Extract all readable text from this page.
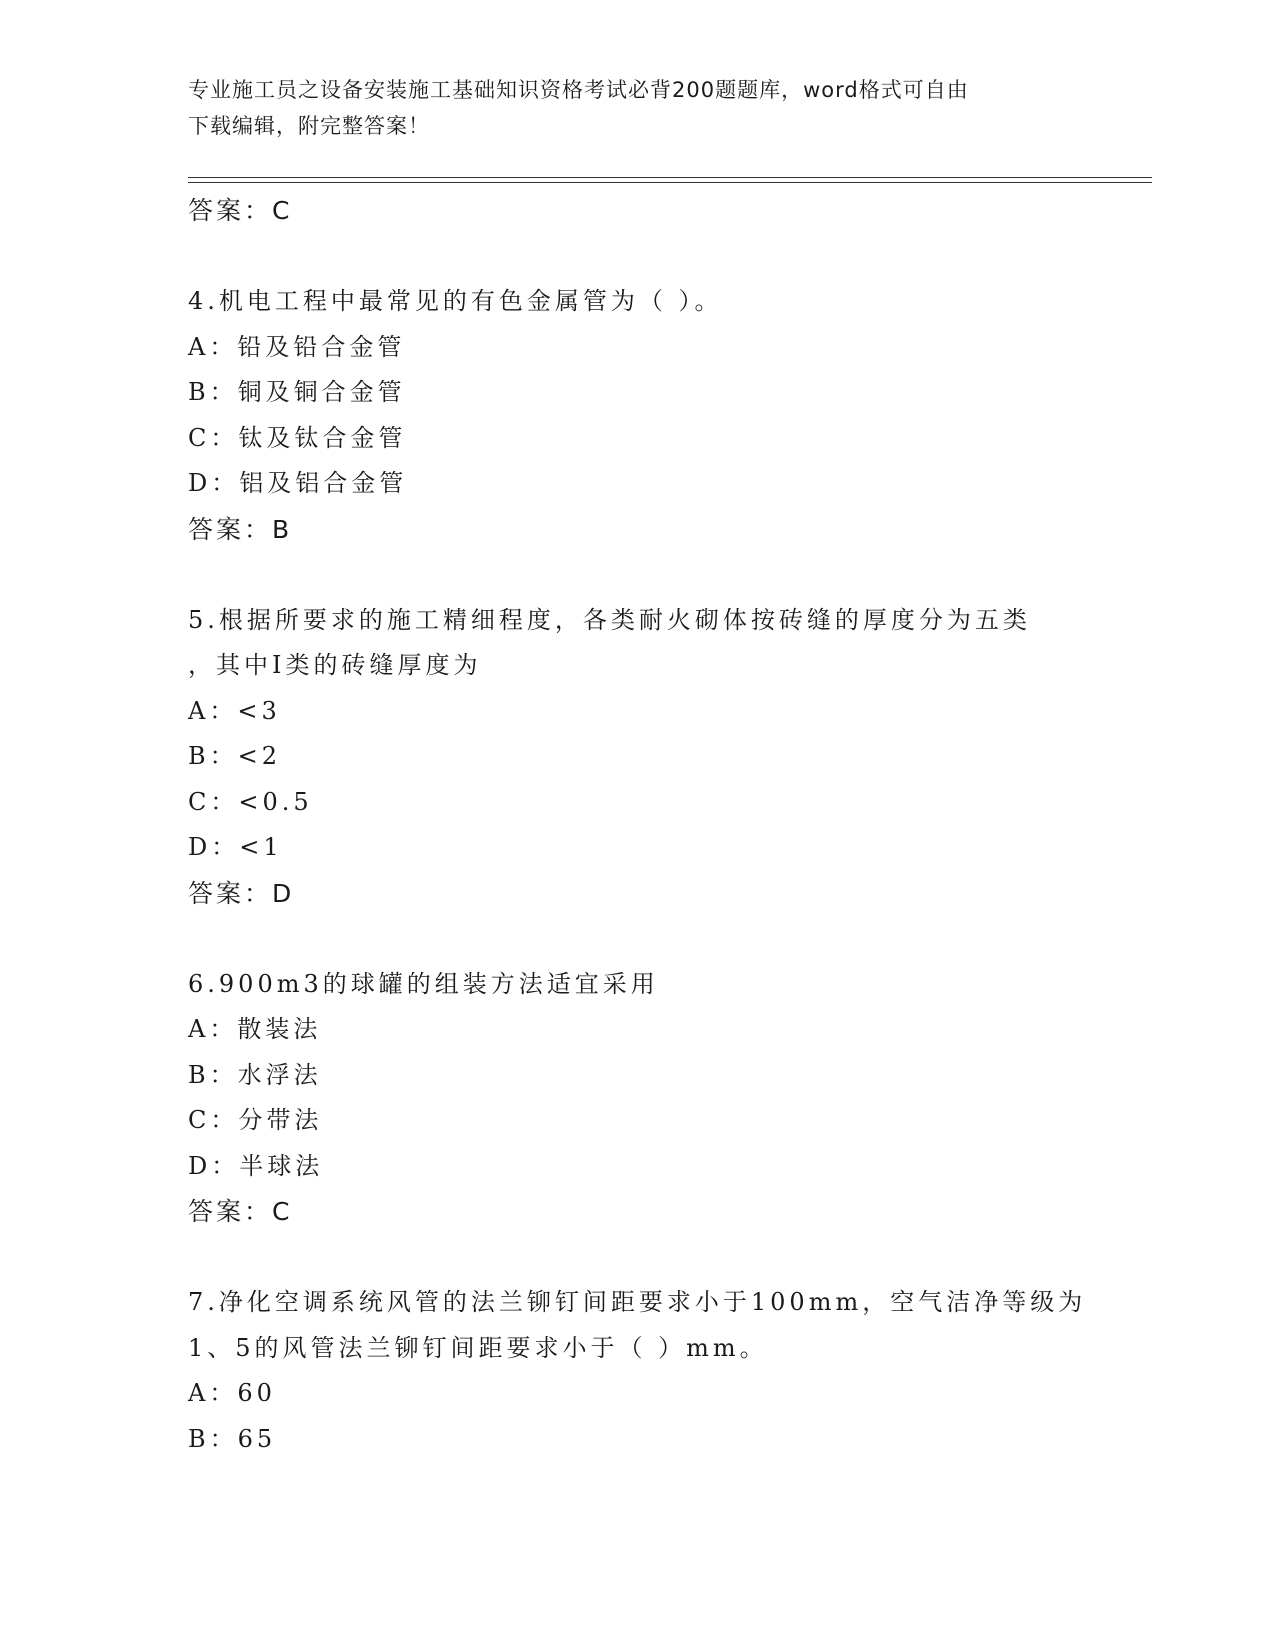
专业施工员之设备安装施工基础知识资格考试必背200题题库，word格式可自由
下载编辑，附完整答案！
答案：C
4.机电工程中最常见的有色金属管为（ ）。
A：铅及铅合金管
B：铜及铜合金管
C：钛及钛合金管
D：铝及铝合金管
答案：B
5.根据所要求的施工精细程度，各类耐火砌体按砖缝的厚度分为五类
，其中Ⅰ类的砖缝厚度为
A：<3
B：<2
C：<0.5
D：<1
答案：D
6.900m3的球罐的组装方法适宜采用
A：散装法
B：水浮法
C：分带法
D：半球法
答案：C
7.净化空调系统风管的法兰铆钉间距要求小于100mm，空气洁净等级为
1、5的风管法兰铆钉间距要求小于（ ）mm。
A：60
B：65
